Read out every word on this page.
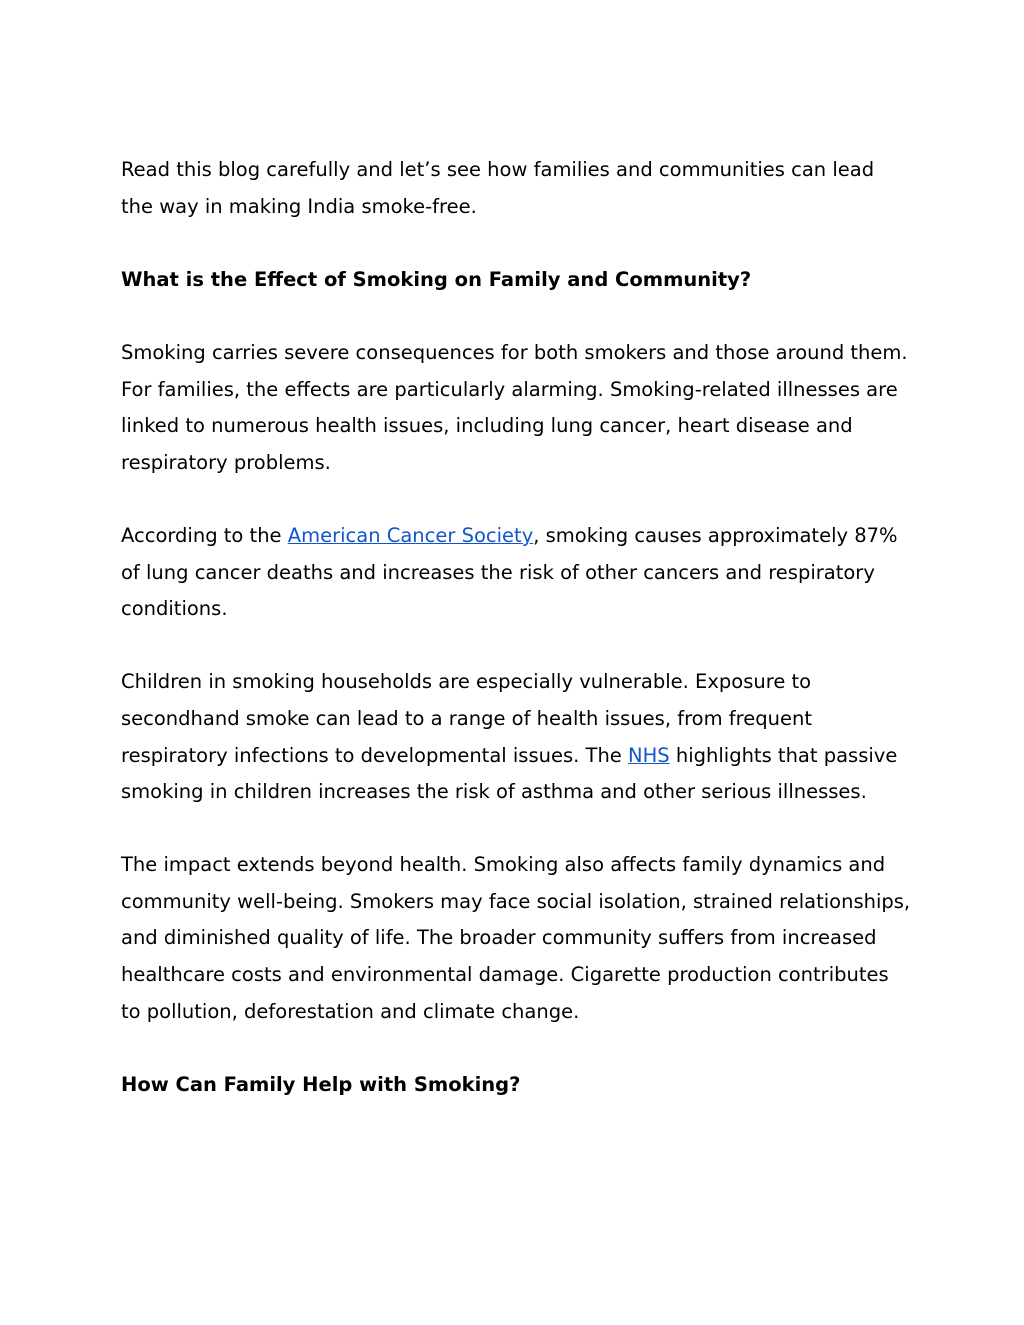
Read this blog carefully and let’s see how families and communities can lead the way in making India smoke-free.

What is the Effect of Smoking on Family and Community?

Smoking carries severe consequences for both smokers and those around them. For families, the effects are particularly alarming. Smoking-related illnesses are linked to numerous health issues, including lung cancer, heart disease and respiratory problems.

According to the American Cancer Society, smoking causes approximately 87% of lung cancer deaths and increases the risk of other cancers and respiratory conditions.

Children in smoking households are especially vulnerable. Exposure to secondhand smoke can lead to a range of health issues, from frequent respiratory infections to developmental issues. The NHS highlights that passive smoking in children increases the risk of asthma and other serious illnesses.

The impact extends beyond health. Smoking also affects family dynamics and community well-being. Smokers may face social isolation, strained relationships, and diminished quality of life. The broader community suffers from increased healthcare costs and environmental damage. Cigarette production contributes to pollution, deforestation and climate change.

How Can Family Help with Smoking?
